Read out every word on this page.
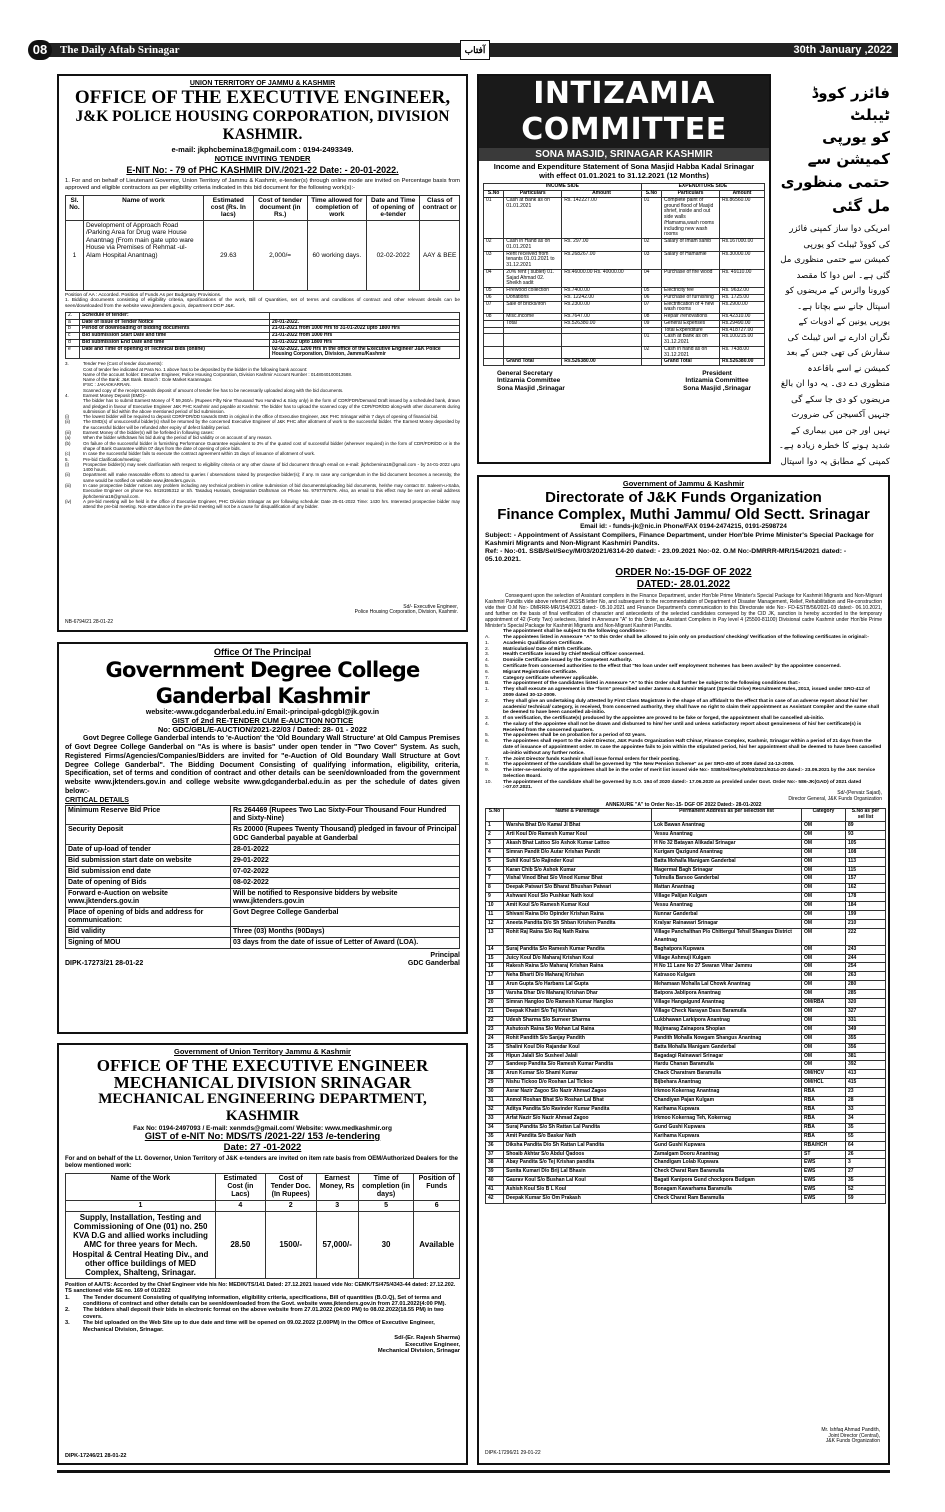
08	The Daily Aftab Srinagar	آفتاب	30th January ,2022
UNION TERRITORY OF JAMMU & KASHMIR
OFFICE OF THE EXECUTIVE ENGINEER,
J&K POLICE HOUSING CORPORATION, DIVISION KASHMIR.
e-mail: jkphcbemina18@gmail.com : 0194-2493349.
NOTICE INVITING TENDER
E-NIT No: - 79 of PHC KASHMIR DIV./2021-22 Date: - 20-01-2022.
1. For and on behalf of Lieutenant Governor, Union Territory of Jammu & Kashmir, e-tender(s) through online mode are invited on Percentage basis from approved and eligible contractors as per eligibility criteria indicated in this bid document for the following work(s):-
Sl. No.	Name of work	Estimated cost (Rs. In lacs)	Cost of tender document (in Rs.)	Time allowed for completion of work	Date and Time of opening of e-tender	Class of contract or
1	Development of Approach Road /Parking Area for Drug ware House Anantnag (From main gate upto ware House via Premises of Rehmat -ul-Alam Hospital Anantnag)	29.63	2,000/=	60 working days.	02-02-2022	AAY & BEE
Position of AA : Accorded. Position of Funds As per Budgetary Provisions.
1. Bidding documents consisting of eligibility criteria, specifications of the work, Bill of Quantities, set of terms and conditions of contract and other relevant details can be seen/downloaded from the website www.jktenders.gov.in, department DGP J&K.
2.	Schedule of tender:	
a	Date of issue of Tender Notice	20-01-2022.
b	Period of downloading of bidding documents	21-01-2021 from 1000 Hrs to 31-01-2022 upto 1800 Hrs
c	Bid submission Start Date and time	21-01-2022 from 1000 Hrs
d	Bid submission End Date and time	31-01-2022 upto 1800 Hrs
e	Date and Time of opening of Technical Bids (online)	02-02-2022, 1200 Hrs in the office of the Executive Engineer J&K Police Housing Corporation, Division, Jammu/Kashmir
3.	Tender Fee (Cost of tender documents):
Cost of tender fee indicated at Para No. 1 above has to be deposited by the bidder in the following bank account:
Name of the account holder: Executive Engineer, Police Housing Corporation, Division Kashmir Account Number : 0148040100013588.
Name of the Bank: J&K Bank. Branch : Gole Market Karannagar.
IFSC : JAKA0KARRAN.
Scanned copy of the receipt towards deposit of amount of tender fee has to be necessarily uploaded along with the bid documents.
4.	Earnest Money Deposit (EMD):-
The bidder has to submit Earnest Money of ₹ 59,260/= (Rupees Fifty Nine Thousand Two Hundred & Sixty only) in the form of CDR/FDR/Demand Draft issued by a scheduled bank, drawn and pledged in favour of Executive Engineer J&K PHC Kashmir and payable at Kashmir. The bidder has to upload the scanned copy of the CDR/FDR/DD along-with other documents during submission of bid within the above mentioned period of bid submission.
(i)	The lowest bidder will be required to deposit CDR/FDR/DD towards EMD in original in the office of Executive Engineer, J&K PHC Srinagar within 7 days of opening of financial bid.
(ii)	The EMD(s) of unsuccessful bidder(s) shall be returned by the concerned Executive Engineer of J&K PHC after allotment of work to the successful bidder. The Earnest Money deposited by the successful bidder will be refunded after expiry of defect liability period.
(iii)	Earnest Money of the bidder(s) will be forfeited in following cases:
(a)	When the bidder withdraws his bid during the period of bid validity or on account of any reason.
(b)	On failure of the successful bidder in furnishing Performance Guarantee equivalent to 3% of the quoted cost of successful bidder (wherever required) in the form of CDR/FDR/DD or in the shape of Bank Guarantee within 07 days from the date of opening of price bids.
(c)	In case the successful bidder fails to execute the contract agreement within 15 days of issuance of allotment of work.
5.	Pre-bid Clarification/meeting:
(i)	Prospective bidder(s) may seek clarification with respect to eligibility criteria or any other clause of bid document through email on e-mail: jkphcbemina18@gmail.com - by 24-01-2022 upto 1400 hours.
(ii)	Department will make reasonable efforts to attend to queries / observations raised by prospective bidder(s); if any. In case any corrigendum in the bid document becomes a necessity, the same would be notified on website www.jktenders.gov.in.
(iii)	In case prospective bidder notices any problem including any technical problem in online submission of bid documents/uploading bid documents, he/she may contact Er. Saleem-u-Saba, Executive Engineer on phone No. 9419195312 or Sh. Tasaduq Hussain, Designation Draftsman on Phone No. 9797787876. Also, an email to this effect may be sent on email address jkphcbemina18@gmail.com.
(iv)	A pre-bid meeting will be held in the office of Executive Engineer, PHC Division Srinagar as per following schedule: Date 25-01-2022 Time: 1430 hrs. Interested prospective bidder may attend the pre-bid meeting. Non-attendance in the pre-bid meeting will not be a cause for disqualification of any bidder.
Sd/- Executive Engineer,
Police Housing Corporation, Division, Kashmir.
NB-6794/21 28-01-22
INTIZAMIA COMMITTEE
SONA MASJID, SRINAGAR KASHMIR
Income and Expenditure Statement of Sona Masjid Habba Kadal Srinagar
with effect 01.01.2021 to 31.12.2021 (12 Months)
INCOME SIDE			EXPENDITURE SIDE		
S.No	Particulars	Amount	S.No	Particulars	Amount
01	Cash at Bank as on 01.01.2021	Rs. 142227.00	01	Complete paint of ground flood of Masjid shrief, inside and out side walls /Hamama,wash rooms including new wash rooms	Rs.86560.00
02	Cash in Hand as on 01.01.2021	Rs. 297.00	02	Salary of Imam sahib	Rs.167000.00
03	Rent received from tenants 01.01.2021 to 31.12.2021	Rs.268267.00	03	Salary of Hamamie	Rs.30000.00
04	20% rent ( sublet) 01. Sajad Ahmad 02. Sheikh sadit	Rs.46000.00 Rs. 40000.00	04	Purchase of fire wood	Rs. 49110.00
05	Firewood collection	Rs.7400.00	05	Electricity fee	Rs. 9632.00
06	Donations	Rs. 12242.00	06	Purchase of furnishing	Rs. 1725.00
07	Sale of bricks/iron	Rs.2300.00	07	Electrification of 4 new wash rooms	Rs.2900.00
08	Misc.income	Rs.7647.00	08	Repair /renovations	Rs.42310.00
	Total	Rs.526380.00	09	General Expenses	Rs.29490.00
				Total Expenditure	Rs.418727.00
			01	Cash at Bank as on 31.12.2021	Rs.100215.00
			02	Cash in hand as on 31.12.2021	Rs. 7438.00
	Grand Total	Rs.526380.00		Grand Total	Rs.526380.00
General Secretary
Intizamia Committee
Sona Masjid ,Srinagar
President
Intizamia Committee
Sona Masjid ,Srinagar
فائزر کووڈ ٹیبلٹ
کو یورپی کمیشن سے
حتمی منظوری مل گئی
امریکی دوا ساز کمپنی فائزر کی کووڈ ٹیبلٹ کو یورپی کمیشن سے حتمی منظوری مل گئی ہے۔ اس دوا کا مقصد کورونا وائرس کے مریضوں کو اسپتال جانے سے بچانا ہے۔ یورپی یونین کے ادویات کے نگران ادارے نے اس ٹیبلٹ کی سفارش کی تھی جس کے بعد کمیشن نے اسے باقاعدہ منظوری دے دی۔ یہ دوا ان بالغ مریضوں کو دی جا سکے گی جنہیں آکسیجن کی ضرورت نہیں اور جن میں بیماری کے شدید ہونے کا خطرہ زیادہ ہے۔ کمپنی کے مطابق یہ دوا اسپتال
Government of Jammu & Kashmir
Directorate of J&K Funds Organization
Finance Complex, Muthi Jammu/ Old Sectt. Srinagar
Email id: - funds-jk@nic.in Phone/FAX 0194-2474215, 0191-2598724
Subject: - Appointment of Assistant Compilers, Finance Department, under Hon'ble Prime Minister's Special Package for Kashmiri Migrants and Non-Migrant Kashmiri Pandits.
Ref: - No:-01. SSB/Sel/Secy/M/03/2021/6314-20 dated: - 23.09.2021 No:-02. O.M No:-DMRRR-MR/154/2021 dated: - 05.10.2021.
ORDER No:-15-DGF OF 2022
DATED:- 28.01.2022
Consequent upon the selection of Assistant compilers in the Finance Department, under Hon'ble Prime Minister's Special Package for Kashmiri Migrants and Non-Migrant Kashmiri Pandits vide above referred JKSSB letter No, and subsequent to the recommendation of Department of Disaster Management, Relief, Rehabilitation and Re-construction vide their O.M No:- DMRRR-MR/154/2021 dated:- 05.10.2021 and Finance Department's communication to this Directorate vide No:- FD-ESTB/56/2021-03 dated:- 06.10.2021, and further on the basis of final verification of character and antecedents of the selected candidates conveyed by the CID JK, sanction is hereby accorded to the temporary appointment of 42 (Forty Two) selectees, listed in Annexure "A" to this Order, as Assistant Compilers in Pay level 4 (25500-81100) Divisional cadre Kashmir under Hon'ble Prime Minister's Special Package for Kashmiri Migrants and Non-Migrant Kashmiri Pandits.
The appointment shall be subject to the following conditions:-
A.	The appointees listed in Annexure "A" to this Order shall be allowed to join only on production/ checking/ Verification of the following certificates in original:-
1.	Academic Qualification Certificate.
2.	Matriculation/ Date of Birth Certificate.
3.	Health Certificate issued by Chief Medical Officer concerned.
4.	Domicile Certificate issued by the Competent Authority.
5.	Certificate from concerned authorities to the effect that "No loan under self employment Schemes has been availed" by the appointee concerned.
6.	Migrant Registration Certificate.
7.	Category certificate wherever applicable.
B.	The appointment of the candidates listed in Annexure "A" to this Order shall further be subject to the following conditions that:-
1.	They shall execute an agreement in the "form" prescribed under Jammu & Kashmir Migrant (Special Drive) Recruitment Rules, 2013, issued under SRO-412 of 2009 dated 30-12-2009.
2.	They shall give an undertaking duly attested by First Class Magistrate in the shape of an affidavit to the effect that in case of an adverse report about his/ her academic/ technical/ category, is received, from concerned authority, they shall have no right to claim their appointment as Assistant Compiler and the same shall be deemed to have been cancelled ab-initio.
3.	If on verification, the certificate(s) produced by the appointee are proved to be fake or forged, the appointment shall be cancelled ab-initio.
4.	The salary of the appointee shall not be drawn and disbursed to him/ her until and unless satisfactory report about genuineness of his/ her certificate(s) is Received from the concerned quarters.
5.	The appointees shall be on probation for a period of 02 years.
6.	The appointees shall report to the Joint Director, J&K Funds Organization Haft Chinar, Finance Complex, Kashmir, Srinagar within a period of 21 days from the date of issuance of appointment order. In case the appointee fails to join within the stipulated period, his/ her appointment shall be deemed to have been cancelled ab-initio without any further notice.
7.	The Joint Director funds Kashmir shall issue formal orders for their posting.
8.	The appointment of the candidate shall be governed by "the New Pension Scheme" as per SRO-400 of 2009 dated 24-12-2009.
9.	The inter-se-seniority of the appointees shall be in the order of merit list issued vide No:- SSB/Sel/Secy/M/03/2021/6314-20 dated:- 23.09.2021 by the J&K Service Selection Board.
10.	The appointment of the candidate shall be governed by S.O. 194 of 2020 dated:- 17.06.2020 as provided under Govt. Order No:- 586-JK(GAD) of 2021 dated :-07.07.2021.
Sd/-(Pervaiz Sajad),
Director General, J&K Funds Organization
ANNEXURE "A" to Order No:-15- DGF OF 2022 Dated:- 28-01-2022
S.No	Name & Parentage	Permanent Address as per selection list	Category	S.No as per sel list
1	Warsha Bhat D/o Kamal Ji Bhat	Lok Bawan Anantnag	OM	89
2	Arti Koul D/o Ramesh Kumar Koul	Vessu Anantnag	OM	93
3	Akash Bhat Lattoo S/o Ashok Kumar Lattoo	H No 32 Batayan Alikadal Srinagar	OM	105
4	Simran Pandit D/o Autar Krishan Pandit	Kurigam Qazigund Anantnag	OM	108
5	Suhil Koul S/o Rajinder Koul	Batta Mohalla Manigam Ganderbal	OM	113
6	Karan Chib S/o Ashok Kumar	Magermal Bagh Srinagar	OM	115
7	Vishal Vinod Bhat S/o Vinod Kumar Bhat	Tulmulla Barsoo Ganderbal	OM	157
8	Deepak Patwari S/o Bharat Bhushan Patwari	Mattan Anantnag	OM	162
9	Ashwani Koul S/o Pushkar Nath koul	Village Palijan Kulgam	OM	178
10	Amit Koul S/o Ramesh Kumar Koul	Vessu Anantnag	OM	184
11	Shivani Raina D/o Opinder Krishan Raina	Nunnar Ganderbal	OM	199
12	Aneeta Pandita D/o Sh Shban Krishen Pandita	Kralyar Rainawari Srinagar	OM	210
13	Rohit Raj Raina S/o Raj Nath Raina	Village Panchalthan P/o Chittergul Tehsil Shangus District Anantnag	OM	222
14	Suraj Pandita S/o Ramesh Kumar Pandita	Baghatpora Kupwara	OM	243
15	Juicy Koul D/o Maharaj Krishan Koul	Village Ashmuji Kulgam	OM	244
16	Rakesh Raina S/o Maharaj Krishan Raina	H No 11 Lane No 27 Swaran Vihar Jammu	OM	254
17	Neha Bharti D/o Maharaj Krishan	Katrasoo Kulgam	OM	263
18	Arun Gupta S/o Harbans Lal Gupta	Mehamaan Mohalla Lal Chowk Anantnag	OM	280
19	Varsha Dhar D/o Maharaj Krishan Dhar	Batpora Jablipora Anantnag	OM	285
20	Simran Hangloo D/o Ramesh Kumar Hangloo	Village Hangalgund Anantnag	OM/RBA	320
21	Deepak Khatri S/o Tej Krishan	Village Check Narayan Dass Baramulla	OM	327
22	Udesh Sharma S/o Surneer Sharma	Lukbhawan Larkipora Anantnag	OM	331
23	Ashutosh Raina S/o Mohan Lal Raina	Mujimarag Zainapora Shopian	OM	349
24	Rohit Pandith S/o Sanjay Pandith	Pandith Mohalla Nowgam Shangus Anantnag	OM	355
25	Shalini Koul D/o Rajandar Koul	Batta Mohalla Manigam Ganderbal	OM	356
26	Hipun Jalali S/o Susheel Jalali	Bagadagi Rainawari Srinagar	OM	381
27	Sandeep Pandita S/o Ramesh Kumar Pandita	Hardu Chanan Baramulla	OM	392
28	Arun Kumar S/o Shami Kumar	Chack Charatram Baramulla	OM/HCV	413
29	Nishu Tickoo D/o Roshan Lal Tickoo	Bijbehara Anantnag	OM/HCL	415
30	Asrar Nazir Zagoo S/o Nazir Ahmad Zagoo	Irkmoo Kokernag Anantnag	RBA	23
31	Anmol Roshan Bhat S/o Roshan Lal Bhat	Chandiyan Pajan Kulgam	RBA	28
32	Aditya Pandita S/o Ravinder Kumar Pandita	Karihama Kupwara	RBA	33
33	Arfat Nazir S/o Nazir Ahmad Zagoo	Irkmoo Kokernag Teh, Kokernag	RBA	34
34	Suraj Pandita S/o Sh Rattan Lal Pandita	Gund Gushi Kupwara	RBA	35
35	Amit Pandita S/o Baskar Nath	Karihama Kupwara	RBA	55
36	Diksha Pandita D/o Sh Rattan Lal Pandita	Gund Gushi Kupwara	RBA/HCH	64
37	Shoaib Akhtar S/o Abdul Qadoos	Zamalgam Dooru Anantnag	ST	26
38	Abay Pandita S/o Tej Krishan pandita	Chandigam Lolab Kupwara	EWS	3
39	Sunita Kumari D/o Brij Lal Bhasin	Check Charat Ram Baramulla	EWS	27
40	Gaurav Koul S/o Bushan Lal Koul	Bagati Kanipora Gund chockpora Budgam	EWS	35
41	Ashish Koul S/o B L Koul	Bonagam Kawarhama Baramulla	EWS	52
42	Deepak Kumar S/o Om Prakash	Check Charat Ram Baramulla	EWS	59
Mr. Ishfaq Ahmad Pandith,
Joint Director (Central),
J&K Funds Organization
DIPK-17296/21 29-01-22
Office Of The Principal
Government Degree College Ganderbal Kashmir
website:-www.gdcganderbal.edu.in/ Email:-principal-gdcgbl@jk.gov.in
GIST of 2nd RE-TENDER CUM E-AUCTION NOTICE
No: GDC/GBL/E-AUCTION/2021-22/03 / Dated: 28- 01 - 2022
Govt Degree College Ganderbal intends to 'e-Auction' the 'Old Boundary Wall Structure' at Old Campus Premises of Govt Degree College Ganderbal on "As is where is basis" under open tender in "Two Cover" System. As such, Registered Firms/Agencies/Companies/Bidders are invited for "e-Auction of Old Boundary Wall Structure at Govt Degree College Ganderbal". The Bidding Document Consisting of qualifying information, eligibility, criteria, Specification, set of terms and condition of contract and other details can be seen/downloaded from the government website www.jktenders.gov.in and college website www.gdcganderbal.edu.in as per the schedule of dates given below:-
CRITICAL DETAILS
Minimum Reserve Bid Price	Rs 264469 (Rupees Two Lac Sixty-Four Thousand Four Hundred and Sixty-Nine)
Security Deposit	Rs 20000 (Rupees Twenty Thousand) pledged in favour of Principal GDC Ganderbal payable at Ganderbal
Date of up-load of tender	28-01-2022
Bid submission start date on website	29-01-2022
Bid submission end date	07-02-2022
Date of opening of Bids	08-02-2022
Forward e-Auction on website www.jktenders.gov.in	Will be notified to Responsive bidders by website www.jktenders.gov.in
Place of opening of bids and address for communication:	Govt Degree College Ganderbal
Bid validity	Three (03) Months (90Days)
Signing of MOU	03 days from the date of issue of Letter of Award (LOA).
Principal
DIPK-17273/21 28-01-22	GDC Ganderbal
Government of Union Territory Jammu & Kashmir
OFFICE OF THE EXECUTIVE ENGINEER
MECHANICAL DIVISION SRINAGAR
MECHANICAL ENGINEERING DEPARTMENT, KASHMIR
Fax No: 0194-2497093 / E-mail: xenmds@gmail.com/ Website: www.medkashmir.org
GIST of e-NIT No: MDS/TS /2021-22/ 153 /e-tendering
Date: 27 -01-2022
For and on behalf of the Lt. Governor, Union Territory of J&K e-tenders are invited on item rate basis from OEM/Authorized Dealers for the below mentioned work:
Name of the Work	Estimated Cost (in Lacs)	Cost of Tender Doc. (In Rupees)	Earnest Money, Rs	Time of completion (in days)	Position of Funds
1	4	2	3	5	6
Supply, Installation, Testing and Commissioning of One (01) no. 250 KVA D.G and allied works including AMC for three years for Mech. Hospital & Central Heating Div., and other office buildings of MED Complex, Shalteng, Srinagar.	28.50	1500/-	57,000/-	30	Available
Position of AA/TS: Accorded by the Chief Engineer vide his No: MED/K/TS/141 Dated: 27.12.2021 issued vide No: CEMK/TS/475/4343-44 dated: 27.12.202. TS sanctioned vide SE no. 169 of 01/2022
1.	The Tender document Consisting of qualifying information, eligibility criteria, specifications, Bill of quantities (B.O.Q), Set of terms and conditions of contract and other details can be seen/downloaded from the Govt. website www.jktenders.gov.in from 27.01.2022(4:00 PM).
2.	The bidders shall deposit their bids in electronic format on the above website from 27.01.2022 (04:00 PM) to 08.02.2022(18.55 PM) in two covers.
3.	The bid uploaded on the Web Site up to due date and time will be opened on 09.02.2022 (2.00PM) in the Office of Executive Engineer, Mechanical Division, Srinagar.
Sd/-(Er. Rajesh Sharma)
Executive Engineer,
Mechanical Division, Srinagar
DIPK-17246/21 28-01-22
